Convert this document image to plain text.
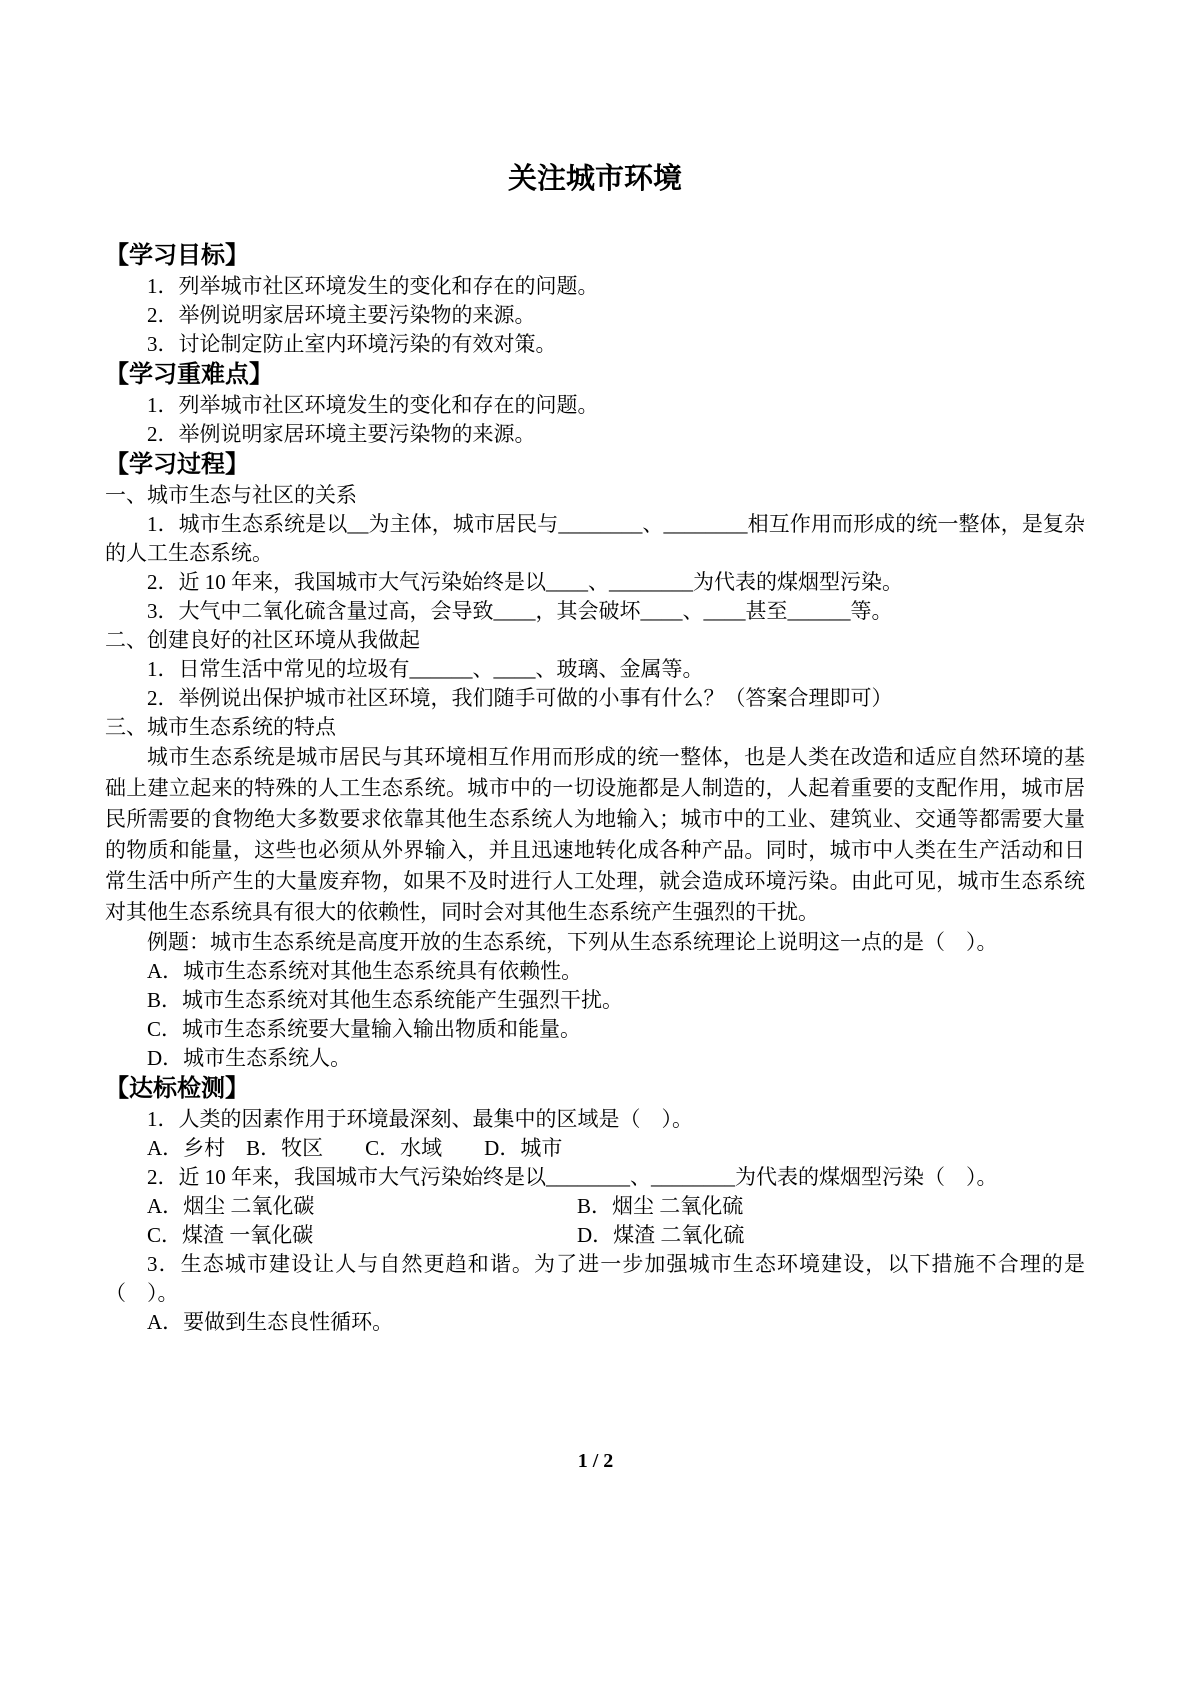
关注城市环境
【学习目标】

1．列举城市社区环境发生的变化和存在的问题。

2．举例说明家居环境主要污染物的来源。

3．讨论制定防止室内环境污染的有效对策。

【学习重难点】

1．列举城市社区环境发生的变化和存在的问题。

2．举例说明家居环境主要污染物的来源。

【学习过程】

一、城市生态与社区的关系

1．城市生态系统是以__为主体，城市居民与________、________相互作用而形成的统一整体，是复杂的人工生态系统。

2．近 10 年来，我国城市大气污染始终是以____、________为代表的煤烟型污染。

3．大气中二氧化硫含量过高，会导致____，其会破坏____、____甚至______等。

二、创建良好的社区环境从我做起

1．日常生活中常见的垃圾有______、____、玻璃、金属等。

2．举例说出保护城市社区环境，我们随手可做的小事有什么？（答案合理即可）

三、城市生态系统的特点

城市生态系统是城市居民与其环境相互作用而形成的统一整体，也是人类在改造和适应自然环境的基础上建立起来的特殊的人工生态系统。城市中的一切设施都是人制造的，人起着重要的支配作用，城市居民所需要的食物绝大多数要求依靠其他生态系统人为地输入；城市中的工业、建筑业、交通等都需要大量的物质和能量，这些也必须从外界输入，并且迅速地转化成各种产品。同时，城市中人类在生产活动和日常生活中所产生的大量废弃物，如果不及时进行人工处理，就会造成环境污染。由此可见，城市生态系统对其他生态系统具有很大的依赖性，同时会对其他生态系统产生强烈的干扰。

例题：城市生态系统是高度开放的生态系统，下列从生态系统理论上说明这一点的是（　）。

A．城市生态系统对其他生态系统具有依赖性。

B．城市生态系统对其他生态系统能产生强烈干扰。

C．城市生态系统要大量输入输出物质和能量。

D．城市生态系统人。

【达标检测】

1．人类的因素作用于环境最深刻、最集中的区域是（　）。

A．乡村　B．牧区　　C．水域　　D．城市

2．近 10 年来，我国城市大气污染始终是以________、________为代表的煤烟型污染（　）。

A．烟尘 二氧化碳	B．烟尘 二氧化硫
C．煤渣 一氧化碳	D．煤渣 二氧化硫

3．生态城市建设让人与自然更趋和谐。为了进一步加强城市生态环境建设，以下措施不合理的是（　）。

A．要做到生态良性循环。

1 / 2
